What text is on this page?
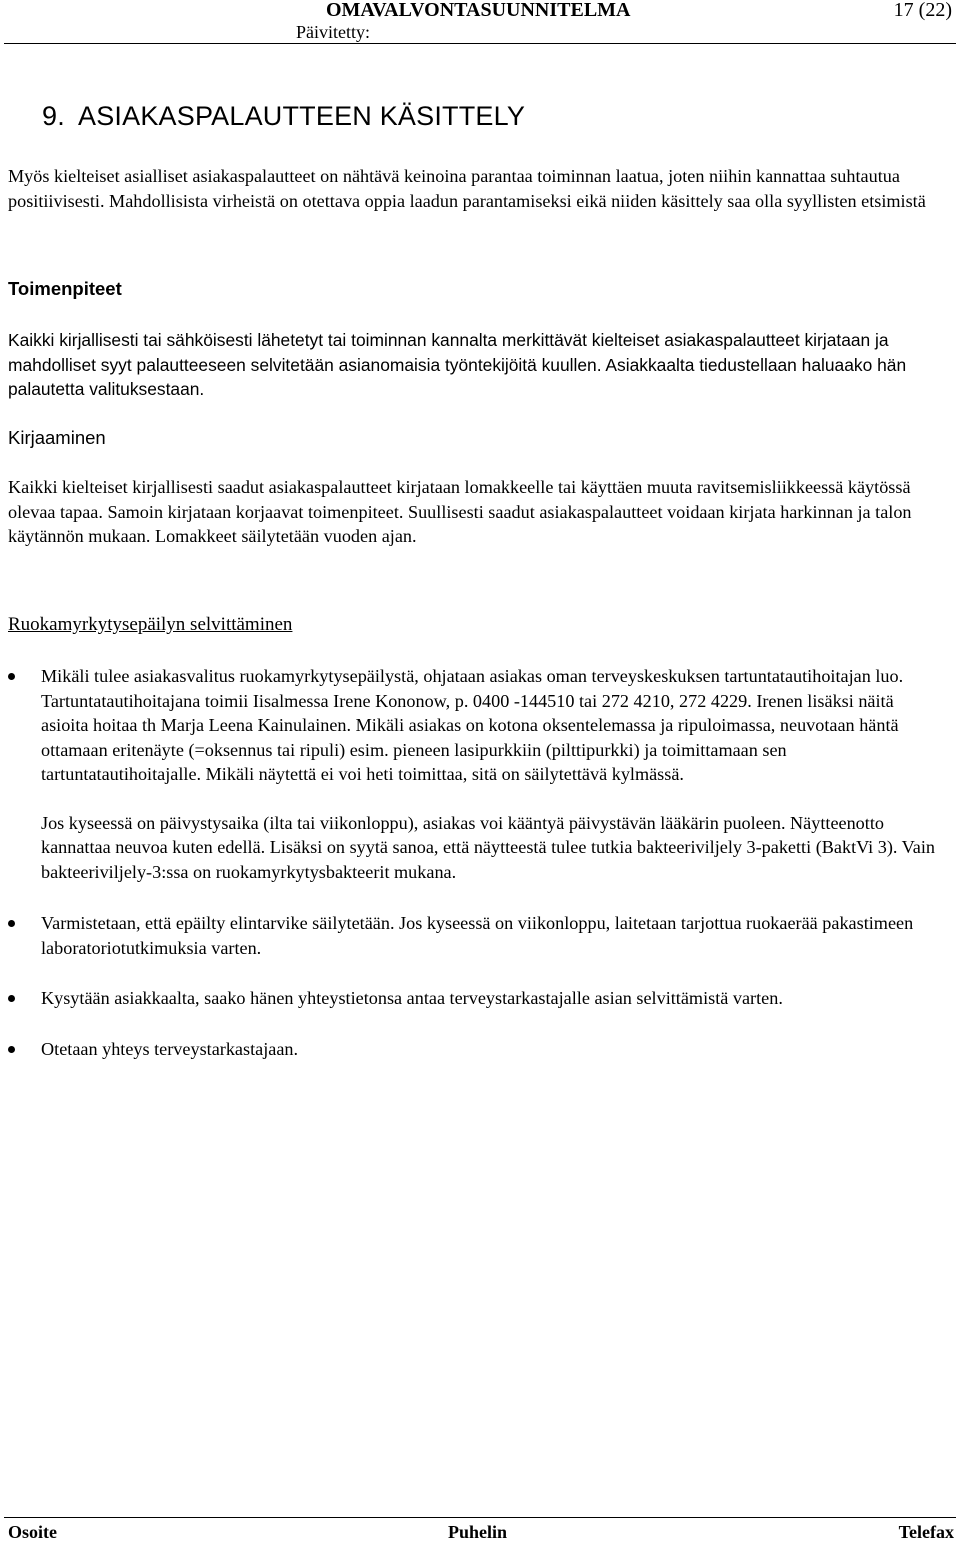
OMAVALVONTASUUNNITELMA	17 (22)
Päivitetty:
9. ASIAKASPALAUTTEEN KÄSITTELY

Myös kielteiset asialliset asiakaspalautteet on nähtävä keinoina parantaa toiminnan laatua, joten niihin kannattaa suhtautua positiivisesti. Mahdollisista virheistä on otettava oppia laadun parantamiseksi eikä niiden käsittely saa olla syyllisten etsimistä

Toimenpiteet

Kaikki kirjallisesti tai sähköisesti lähetetyt tai toiminnan kannalta merkittävät kielteiset asiakaspalautteet kirjataan ja mahdolliset syyt palautteeseen selvitetään asianomaisia työntekijöitä kuullen. Asiakkaalta tiedustellaan haluaako hän palautetta valituksestaan.

Kirjaaminen

Kaikki kielteiset kirjallisesti saadut asiakaspalautteet kirjataan lomakkeelle tai käyttäen muuta ravitsemisliikkeessä käytössä olevaa tapaa. Samoin kirjataan korjaavat toimenpiteet. Suullisesti saadut asiakaspalautteet voidaan kirjata harkinnan ja talon käytännön mukaan. Lomakkeet säilytetään vuoden ajan.

Ruokamyrkytysepäilyn selvittäminen
Mikäli tulee asiakasvalitus ruokamyrkytysepäilystä, ohjataan asiakas oman terveyskeskuksen tartuntatautihoitajan luo. Tartuntatautihoitajana toimii Iisalmessa Irene Kononow, p. 0400 -144510 tai 272 4210, 272 4229. Irenen lisäksi näitä asioita hoitaa th Marja Leena Kainulainen. Mikäli asiakas on kotona oksentelemassa ja ripuloimassa, neuvotaan häntä ottamaan eritenäyte (=oksennus tai ripuli) esim. pieneen lasipurkkiin (pilttipurkki) ja toimittamaan sen tartuntatautihoitajalle. Mikäli näytettä ei voi heti toimittaa, sitä on säilytettävä kylmässä.
Jos kyseessä on päivystysaika (ilta tai viikonloppu), asiakas voi kääntyä päivystävän lääkärin puoleen. Näytteenotto kannattaa neuvoa kuten edellä. Lisäksi on syytä sanoa, että näytteestä tulee tutkia bakteeriviljely 3-paketti (BaktVi 3). Vain bakteeriviljely-3:ssa on ruokamyrkytysbakteerit mukana.
Varmistetaan, että epäilty elintarvike säilytetään. Jos kyseessä on viikonloppu, laitetaan tarjottua ruokaerää pakastimeen laboratoriotutkimuksia varten.
Kysytään asiakkaalta, saako hänen yhteystietonsa antaa terveystarkastajalle asian selvittämistä varten.
Otetaan yhteys terveystarkastajaan.
Osoite	Puhelin	Telefax
